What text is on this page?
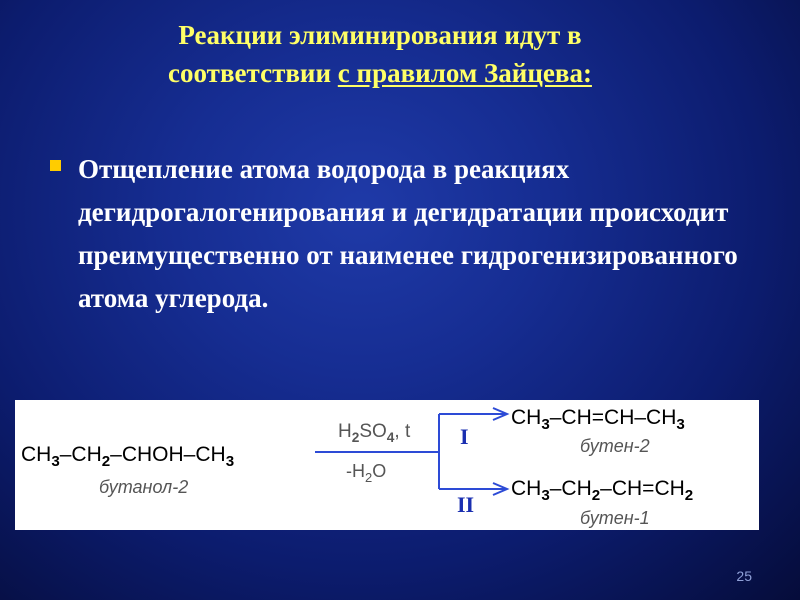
Реакции элиминирования идут в
соответствии с правилом Зайцева:
Отщепление атома водорода в реакциях дегидрогалогенирования и дегидратации происходит преимущественно от наименее гидрогенизированного атома углерода.
$CH_3-CH_2-CHOH-CH_3$
бутанол-2
$H_2SO_4$, t
$-H_2O$
I
II
$CH_3-CH=CH-CH_3$
бутен-2
$CH_3-CH_2-CH=CH_2$
бутен-1
25
